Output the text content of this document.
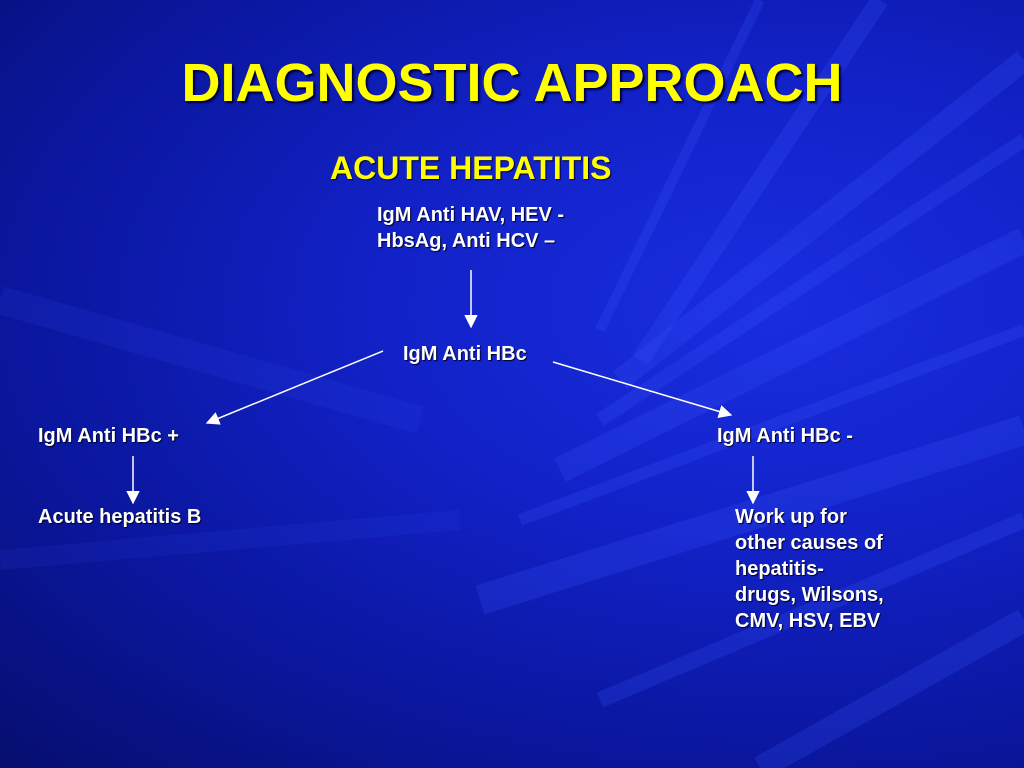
DIAGNOSTIC APPROACH
ACUTE HEPATITIS
IgM Anti HAV, HEV -
HbsAg, Anti HCV –
IgM Anti HBc
IgM Anti HBc +
Acute hepatitis B
IgM Anti HBc -
Work up for
other causes of
hepatitis-
drugs, Wilsons,
CMV, HSV, EBV
